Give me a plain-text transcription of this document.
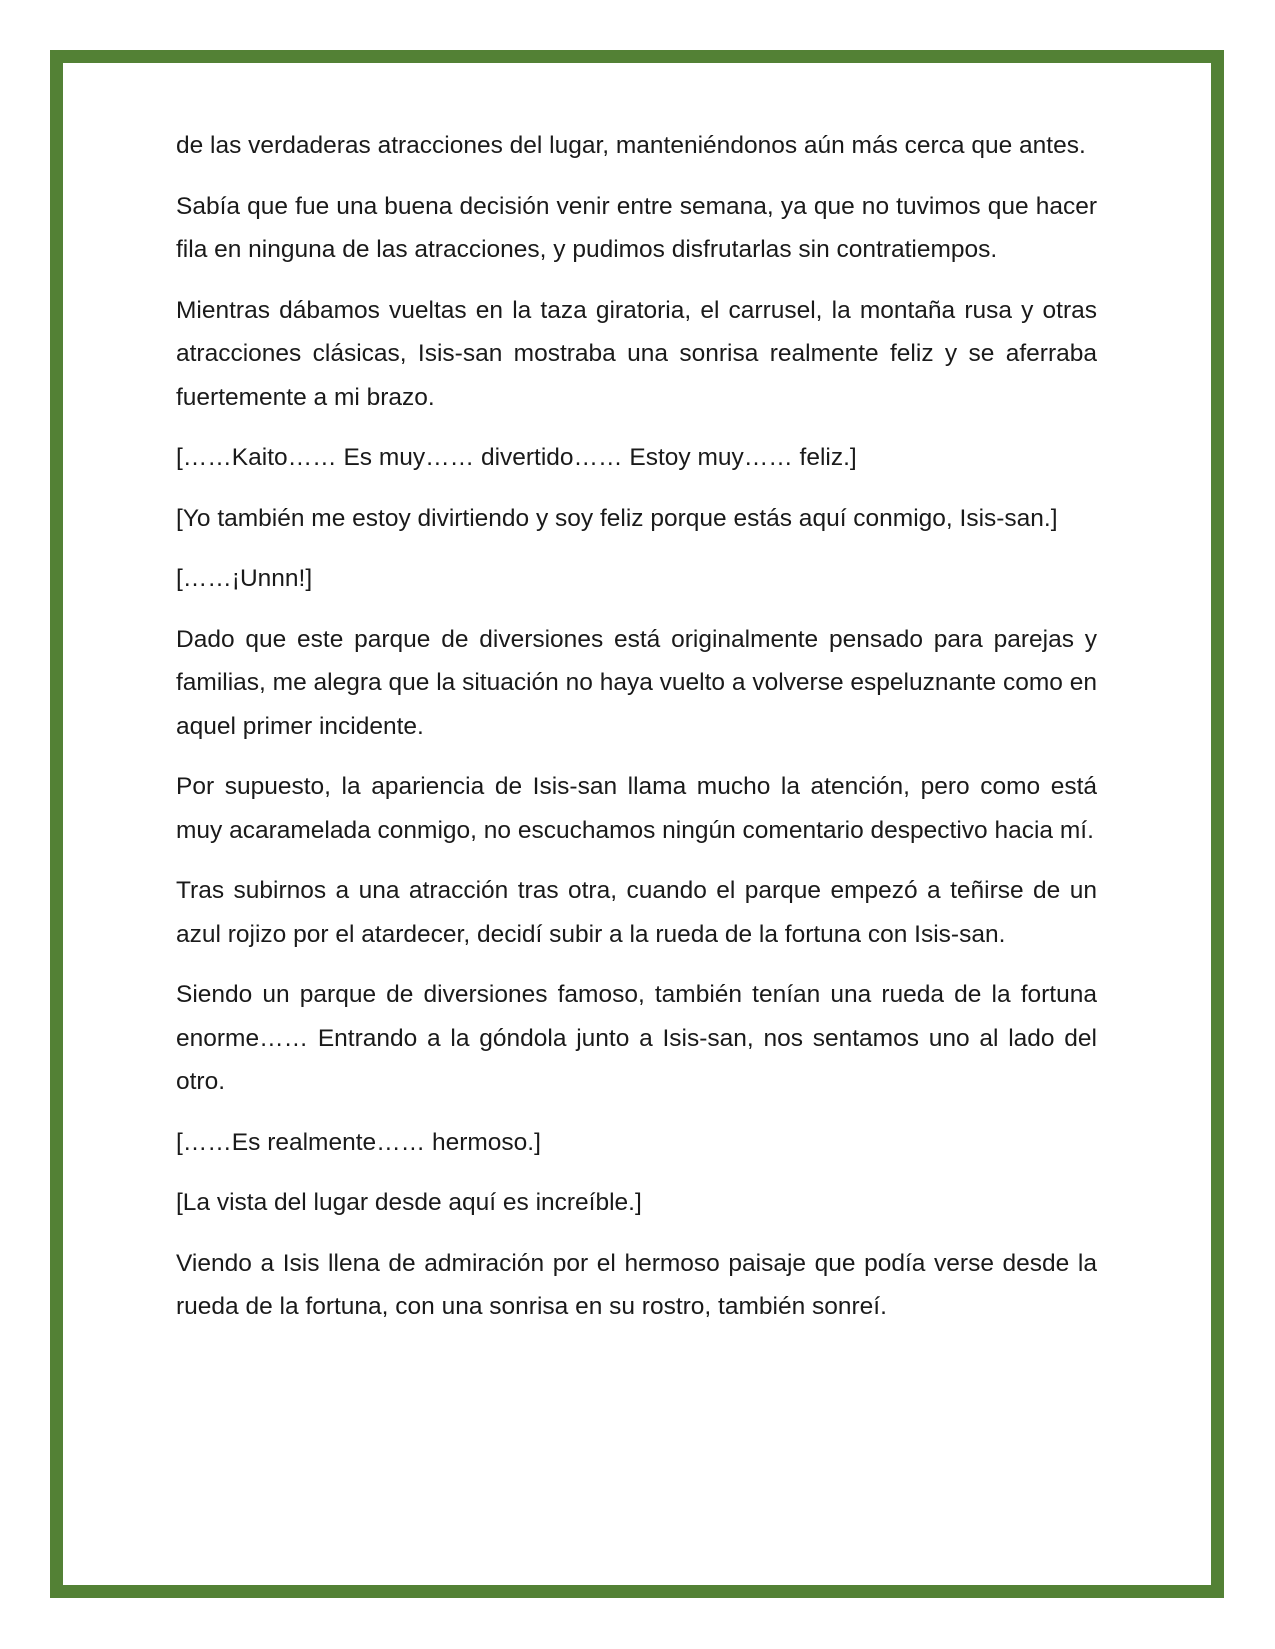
de las verdaderas atracciones del lugar, manteniéndonos aún más cerca que antes.

Sabía que fue una buena decisión venir entre semana, ya que no tuvimos que hacer fila en ninguna de las atracciones, y pudimos disfrutarlas sin contratiempos.

Mientras dábamos vueltas en la taza giratoria, el carrusel, la montaña rusa y otras atracciones clásicas, Isis-san mostraba una sonrisa realmente feliz y se aferraba fuertemente a mi brazo.

[……Kaito…… Es muy…… divertido…… Estoy muy…… feliz.]

[Yo también me estoy divirtiendo y soy feliz porque estás aquí conmigo, Isis-san.]

[……¡Unnn!]

Dado que este parque de diversiones está originalmente pensado para parejas y familias, me alegra que la situación no haya vuelto a volverse espeluznante como en aquel primer incidente.

Por supuesto, la apariencia de Isis-san llama mucho la atención, pero como está muy acaramelada conmigo, no escuchamos ningún comentario despectivo hacia mí.

Tras subirnos a una atracción tras otra, cuando el parque empezó a teñirse de un azul rojizo por el atardecer, decidí subir a la rueda de la fortuna con Isis-san.

Siendo un parque de diversiones famoso, también tenían una rueda de la fortuna enorme…… Entrando a la góndola junto a Isis-san, nos sentamos uno al lado del otro.

[……Es realmente…… hermoso.]

[La vista del lugar desde aquí es increíble.]

Viendo a Isis llena de admiración por el hermoso paisaje que podía verse desde la rueda de la fortuna, con una sonrisa en su rostro, también sonreí.
